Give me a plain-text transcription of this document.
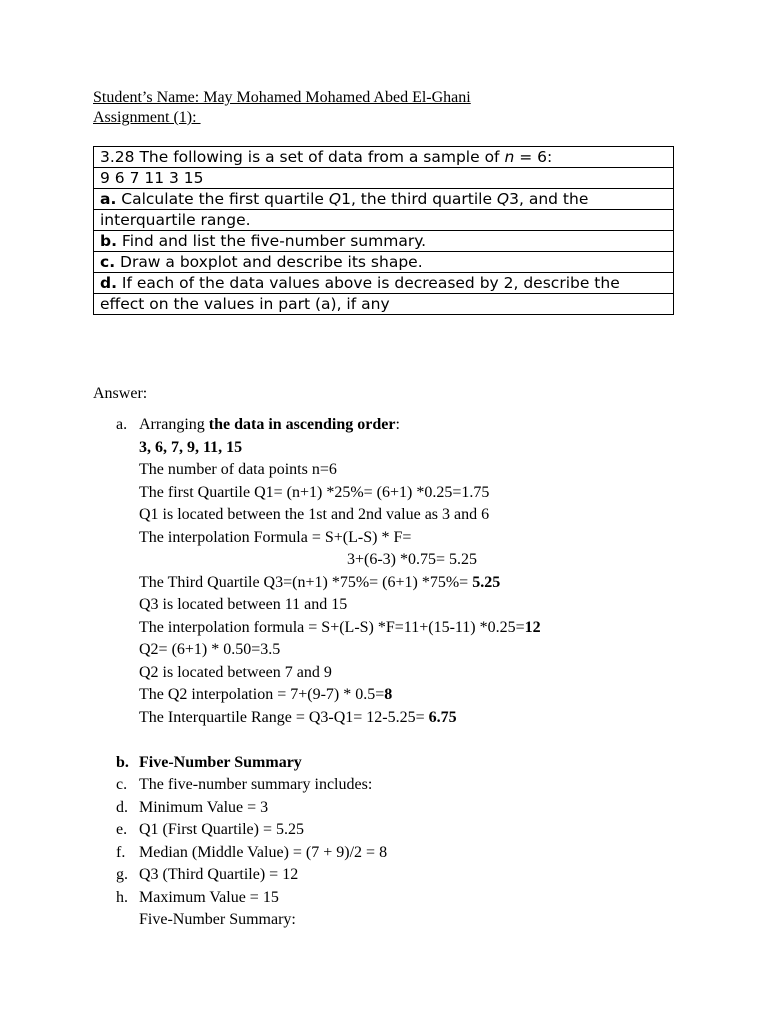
Student’s Name: May Mohamed Mohamed Abed El-Ghani
Assignment (1):
3.28 The following is a set of data from a sample of n = 6:
9 6 7 11 3 15
a. Calculate the first quartile Q1, the third quartile Q3, and the
interquartile range.
b. Find and list the five-number summary.
c. Draw a boxplot and describe its shape.
d. If each of the data values above is decreased by 2, describe the
effect on the values in part (a), if any
Answer:
a. Arranging the data in ascending order:
3, 6, 7, 9, 11, 15
The number of data points n=6
The first Quartile Q1= (n+1) *25%= (6+1) *0.25=1.75
Q1 is located between the 1st and 2nd value as 3 and 6
The interpolation Formula = S+(L-S) * F=
3+(6-3) *0.75= 5.25
The Third Quartile Q3=(n+1) *75%= (6+1) *75%= 5.25
Q3 is located between 11 and 15
The interpolation formula = S+(L-S) *F=11+(15-11) *0.25=12
Q2= (6+1) * 0.50=3.5
Q2 is located between 7 and 9
The Q2 interpolation = 7+(9-7) * 0.5=8
The Interquartile Range = Q3-Q1= 12-5.25= 6.75
b. Five-Number Summary
c. The five-number summary includes:
d. Minimum Value = 3
e. Q1 (First Quartile) = 5.25
f. Median (Middle Value) = (7 + 9)/2 = 8
g. Q3 (Third Quartile) = 12
h. Maximum Value = 15
Five-Number Summary:
